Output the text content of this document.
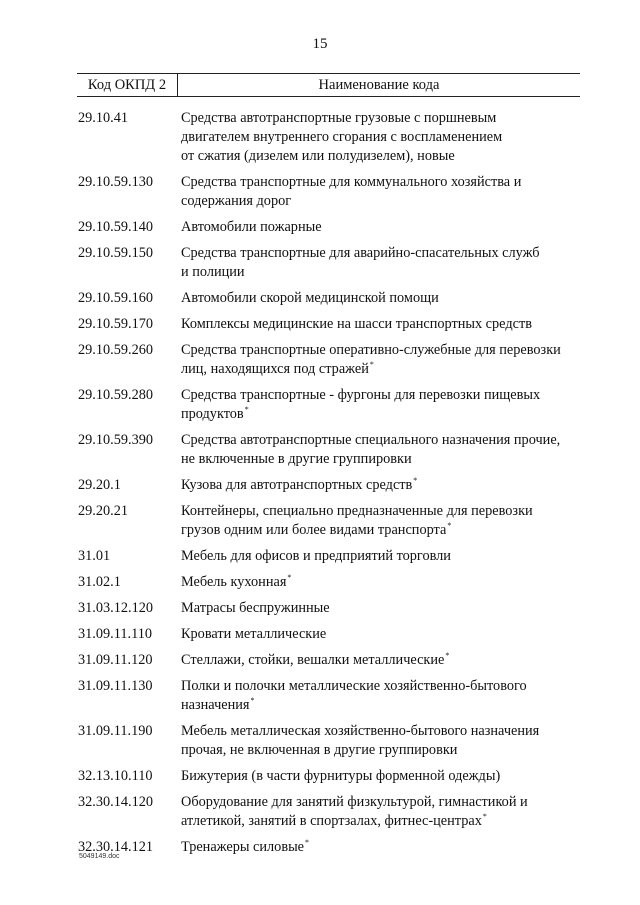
15
Код ОКПД 2	Наименование кода
29.10.41	Средства автотранспортные грузовые с поршневым
двигателем внутреннего сгорания с воспламенением
от сжатия (дизелем или полудизелем), новые
29.10.59.130	Средства транспортные для коммунального хозяйства и
содержания дорог
29.10.59.140	Автомобили пожарные
29.10.59.150	Средства транспортные для аварийно-спасательных служб
и полиции
29.10.59.160	Автомобили скорой медицинской помощи
29.10.59.170	Комплексы медицинские на шасси транспортных средств
29.10.59.260	Средства транспортные оперативно-служебные для перевозки
лиц, находящихся под стражей*
29.10.59.280	Средства транспортные - фургоны для перевозки пищевых
продуктов*
29.10.59.390	Средства автотранспортные специального назначения прочие,
не включенные в другие группировки
29.20.1	Кузова для автотранспортных средств*
29.20.21	Контейнеры, специально предназначенные для перевозки
грузов одним или более видами транспорта*
31.01	Мебель для офисов и предприятий торговли
31.02.1	Мебель кухонная*
31.03.12.120	Матрасы беспружинные
31.09.11.110	Кровати металлические
31.09.11.120	Стеллажи, стойки, вешалки металлические*
31.09.11.130	Полки и полочки металлические хозяйственно-бытового
назначения*
31.09.11.190	Мебель металлическая хозяйственно-бытового назначения
прочая, не включенная в другие группировки
32.13.10.110	Бижутерия (в части фурнитуры форменной одежды)
32.30.14.120	Оборудование для занятий физкультурой, гимнастикой и
атлетикой, занятий в спортзалах, фитнес-центрах*
32.30.14.121	Тренажеры силовые*
5049149.doc
